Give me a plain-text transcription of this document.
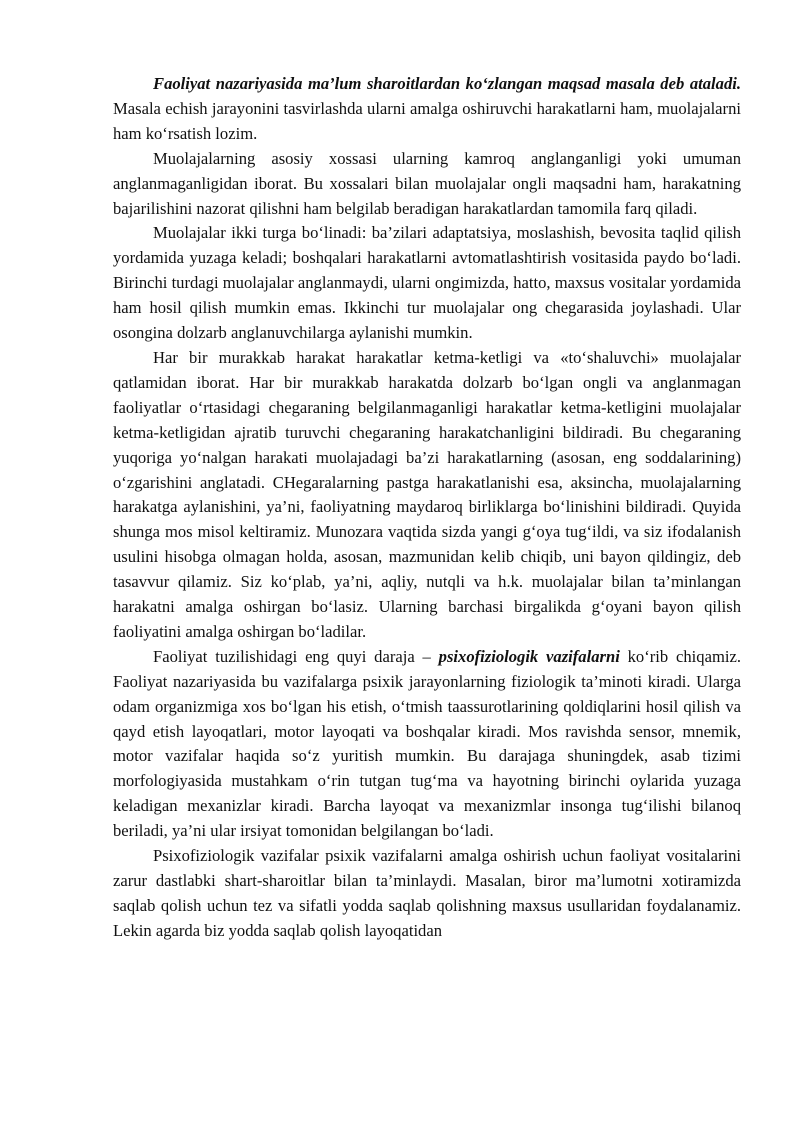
Faoliyat nazariyasida ma’lum sharoitlardan ko‘zlangan maqsad masala deb ataladi. Masala echish jarayonini tasvirlashda ularni amalga oshiruvchi harakatlarni ham, muolajalarni ham ko‘rsatish lozim.

Muolajalarning asosiy xossasi ularning kamroq anglanganligi yoki umuman anglanmaganligidan iborat. Bu xossalari bilan muolajalar ongli maqsadni ham, harakatning bajarilishini nazorat qilishni ham belgilab beradigan harakatlardan tamomila farq qiladi.

Muolajalar ikki turga bo‘linadi: ba’zilari adaptatsiya, moslashish, bevosita taqlid qilish yordamida yuzaga keladi; boshqalari harakatlarni avtomatlashtirish vositasida paydo bo‘ladi. Birinchi turdagi muolajalar anglanmaydi, ularni ongimizda, hatto, maxsus vositalar yordamida ham hosil qilish mumkin emas. Ikkinchi tur muolajalar ong chegarasida joylashadi. Ular osongina dolzarb anglanuvchilarga aylanishi mumkin.

Har bir murakkab harakat harakatlar ketma-ketligi va «to‘shaluvchi» muolajalar qatlamidan iborat. Har bir murakkab harakatda dolzarb bo‘lgan ongli va anglanmagan faoliyatlar o‘rtasidagi chegaraning belgilanmaganligi harakatlar ketma-ketligini muolajalar ketma-ketligidan ajratib turuvchi chegaraning harakatchanligini bildiradi. Bu chegaraning yuqoriga yo‘nalgan harakati muolajadagi ba’zi harakatlarning (asosan, eng soddalarining) o‘zgarishini anglatadi. CHegaralarning pastga harakatlanishi esa, aksincha, muolajalarning harakatga aylanishini, ya’ni, faoliyatning maydaroq birliklarga bo‘linishini bildiradi. Quyida shunga mos misol keltiramiz. Munozara vaqtida sizda yangi g‘oya tug‘ildi, va siz ifodalanish usulini hisobga olmagan holda, asosan, mazmunidan kelib chiqib, uni bayon qildingiz, deb tasavvur qilamiz. Siz ko‘plab, ya’ni, aqliy, nutqli va h.k. muolajalar bilan ta’minlangan harakatni amalga oshirgan bo‘lasiz. Ularning barchasi birgalikda g‘oyani bayon qilish faoliyatini amalga oshirgan bo‘ladilar.

Faoliyat tuzilishidagi eng quyi daraja – psixofiziologik vazifalarni ko‘rib chiqamiz. Faoliyat nazariyasida bu vazifalarga psixik jarayonlarning fiziologik ta’minoti kiradi. Ularga odam organizmiga xos bo‘lgan his etish, o‘tmish taassurotlarining qoldiqlarini hosil qilish va qayd etish layoqatlari, motor layoqati va boshqalar kiradi. Mos ravishda sensor, mnemik, motor vazifalar haqida so‘z yuritish mumkin. Bu darajaga shuningdek, asab tizimi morfologiyasida mustahkam o‘rin tutgan tug‘ma va hayotning birinchi oylarida yuzaga keladigan mexanizlar kiradi. Barcha layoqat va mexanizmlar insonga tug‘ilishi bilanoq beriladi, ya’ni ular irsiyat tomonidan belgilangan bo‘ladi.

Psixofiziologik vazifalar psixik vazifalarni amalga oshirish uchun faoliyat vositalarini zarur dastlabki shart-sharoitlar bilan ta’minlaydi. Masalan, biror ma’lumotni xotiramizda saqlab qolish uchun tez va sifatli yodda saqlab qolishning maxsus usullaridan foydalanamiz. Lekin agarda biz yodda saqlab qolish layoqatidan
